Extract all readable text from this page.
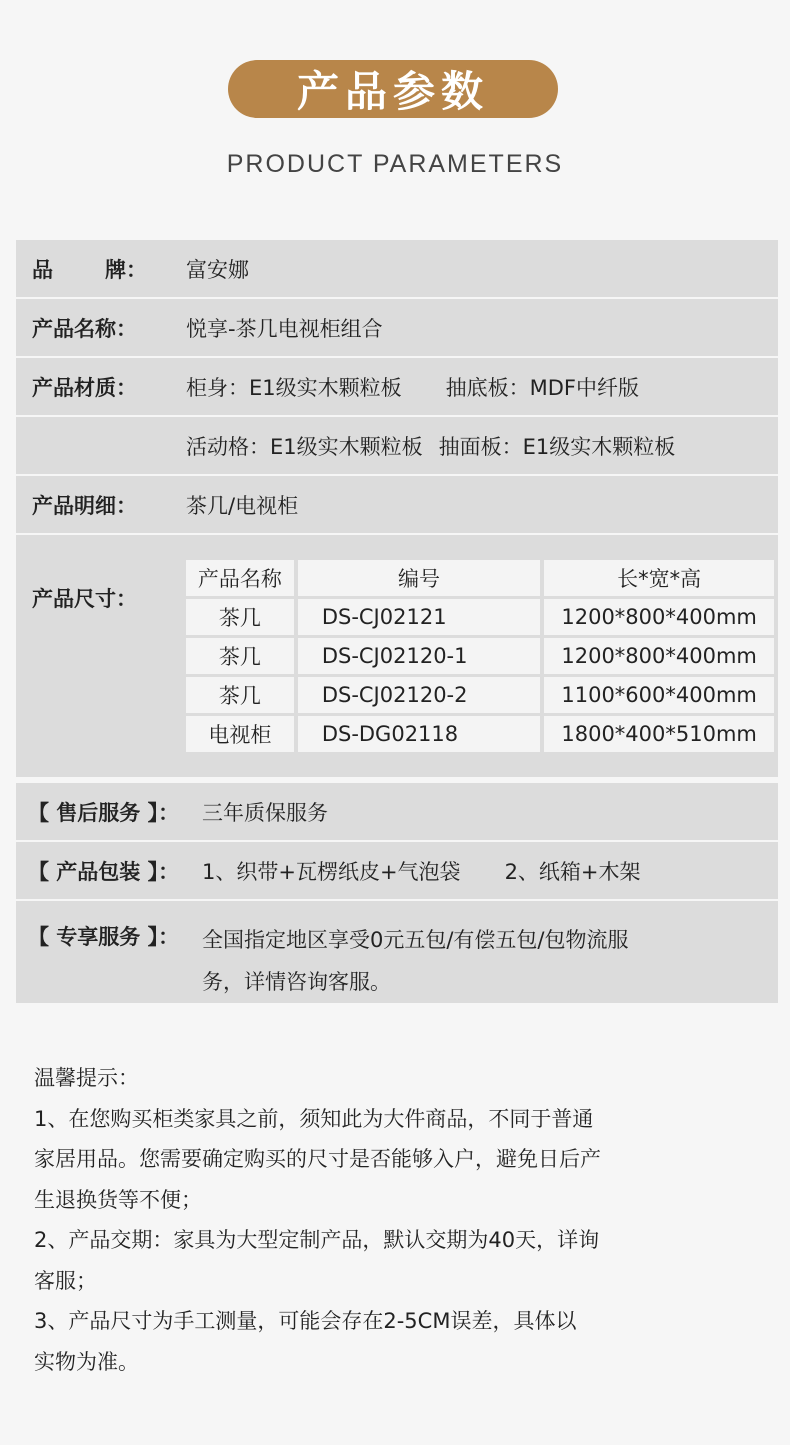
产品参数
PRODUCT PARAMETERS
品 牌：	富安娜
产品名称：	悦享-茶几电视柜组合
产品材质：	柜身：E1级实木颗粒板 抽底板：MDF中纤版
活动格：E1级实木颗粒板 抽面板：E1级实木颗粒板
产品明细：	茶几/电视柜
产品尺寸：
产品名称	编号	长*宽*高
茶几	DS-CJ02121	1200*800*400mm
茶几	DS-CJ02120-1	1200*800*400mm
茶几	DS-CJ02120-2	1100*600*400mm
电视柜	DS-DG02118	1800*400*510mm
【 售后服务 】：	三年质保服务
【 产品包装 】：	1、织带+瓦楞纸皮+气泡袋 2、纸箱+木架
【 专享服务 】：	全国指定地区享受0元五包/有偿五包/包物流服
务，详情咨询客服。
温馨提示：
1、在您购买柜类家具之前，须知此为大件商品，不同于普通
家居用品。您需要确定购买的尺寸是否能够入户，避免日后产
生退换货等不便；
2、产品交期：家具为大型定制产品，默认交期为40天，详询
客服；
3、产品尺寸为手工测量，可能会存在2-5CM误差，具体以
实物为准。
